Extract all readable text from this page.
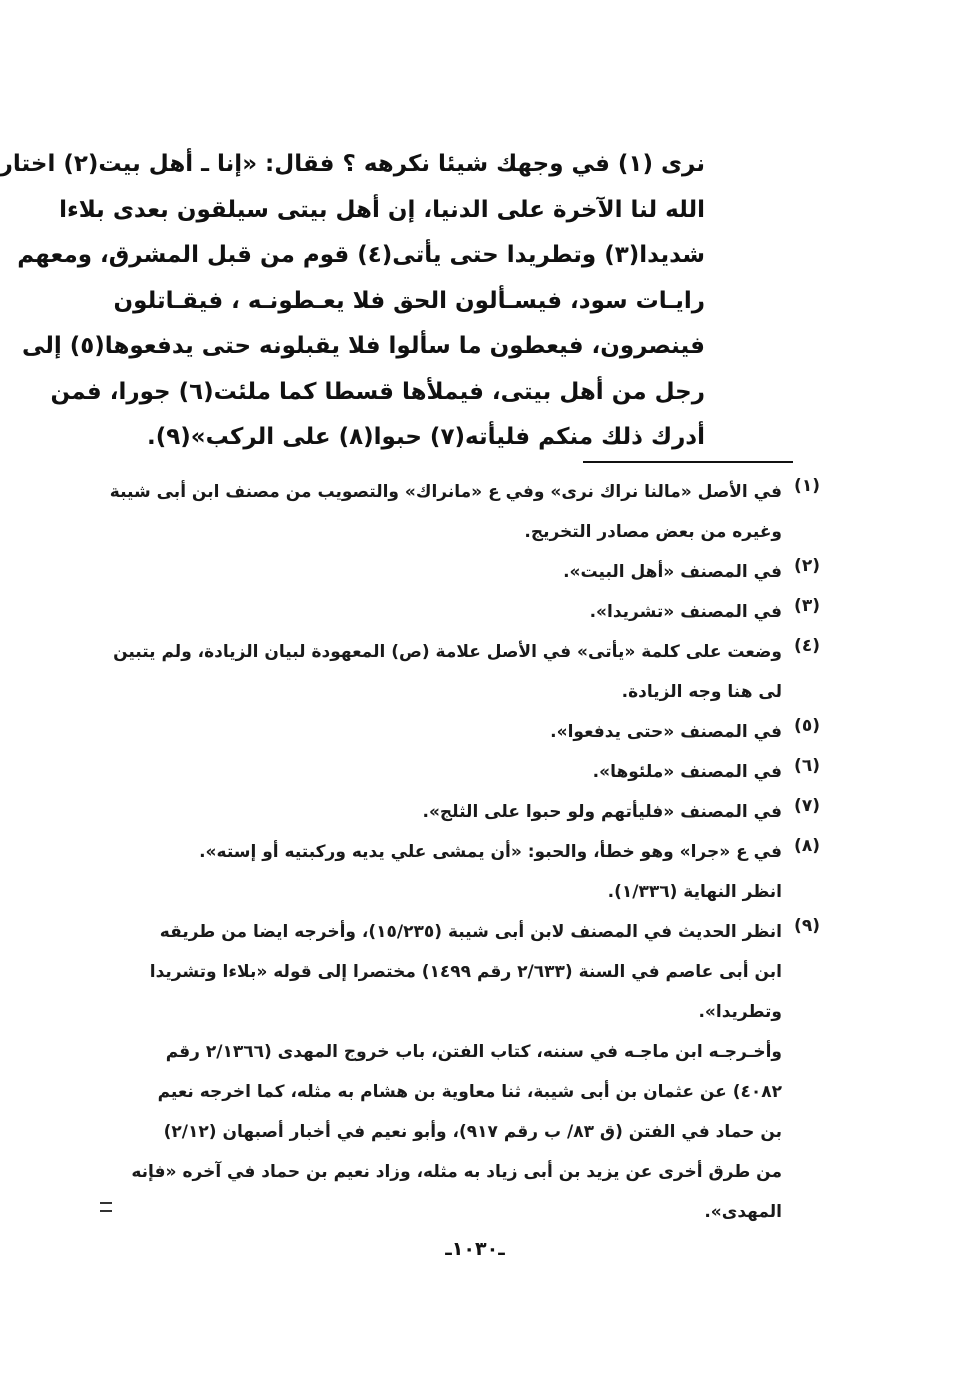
نرى (١) في وجهك شيئا نكرهه ؟ فقال: «إنا ـ أهل بيت(٢) اختار
الله لنا الآخرة على الدنيا، إن أهل بيتى سيلقون بعدى بلاءا
شديدا(٣) وتطريدا حتى يأتى(٤) قوم من قبل المشرق، ومعهم
رايـات سود، فيسـألون الحق فلا يعـطونـه ، فيقـاتلون
فينصرون، فيعطون ما سألوا فلا يقبلونه حتى يدفعوها(٥) إلى
رجل من أهل بيتى، فيملأها قسطا كما ملئت(٦) جورا، فمن
أدرك ذلك منكم فليأته(٧) حبوا(٨) على الركب»(٩).
(١)
في الأصل «مالنا نراك نرى» وفي ع «مانراك» والتصويب من مصنف ابن أبى شيبة
وغيره من بعض مصادر التخريج.
(٢)
في المصنف «أهل البيت».
(٣)
في المصنف «تشريدا».
(٤)
وضعت على كلمة «يأتى» في الأصل علامة (ص) المعهودة لبيان الزيادة، ولم يتبين
لى هنا وجه الزيادة.
(٥)
في المصنف «حتى يدفعوا».
(٦)
في المصنف «ملئوها».
(٧)
في المصنف «فليأتهم ولو حبوا على الثلج».
(٨)
في ع «جرا» وهو خطأ، والحبو: «أن يمشى علي يديه وركبتيه أو إسته».
انظر النهاية (١/٣٣٦).
(٩)
انظر الحديث في المصنف لابن أبى شيبة (١٥/٢٣٥)، وأخرجه ايضا من طريقه
ابن أبى عاصم في السنة (٢/٦٣٣ رقم ١٤٩٩) مختصرا إلى قوله «بلاءا وتشريدا
وتطريدا».
وأخـرجـه ابن ماجـه في سننه، كتاب الفتن، باب خروج المهدى (٢/١٣٦٦ رقم
٤٠٨٢) عن عثمان بن أبى شيبة، ثنا معاوية بن هشام به مثله، كما اخرجه نعيم
بن حماد في الفتن (ق ٨٣/ ب رقم ٩١٧)، وأبو نعيم في أخبار أصبهان (٢/١٢)
من طرق أخرى عن يزيد بن أبى زياد به مثله، وزاد نعيم بن حماد في آخره «فإنه
المهدى».
ـ١٠٣٠ـ
